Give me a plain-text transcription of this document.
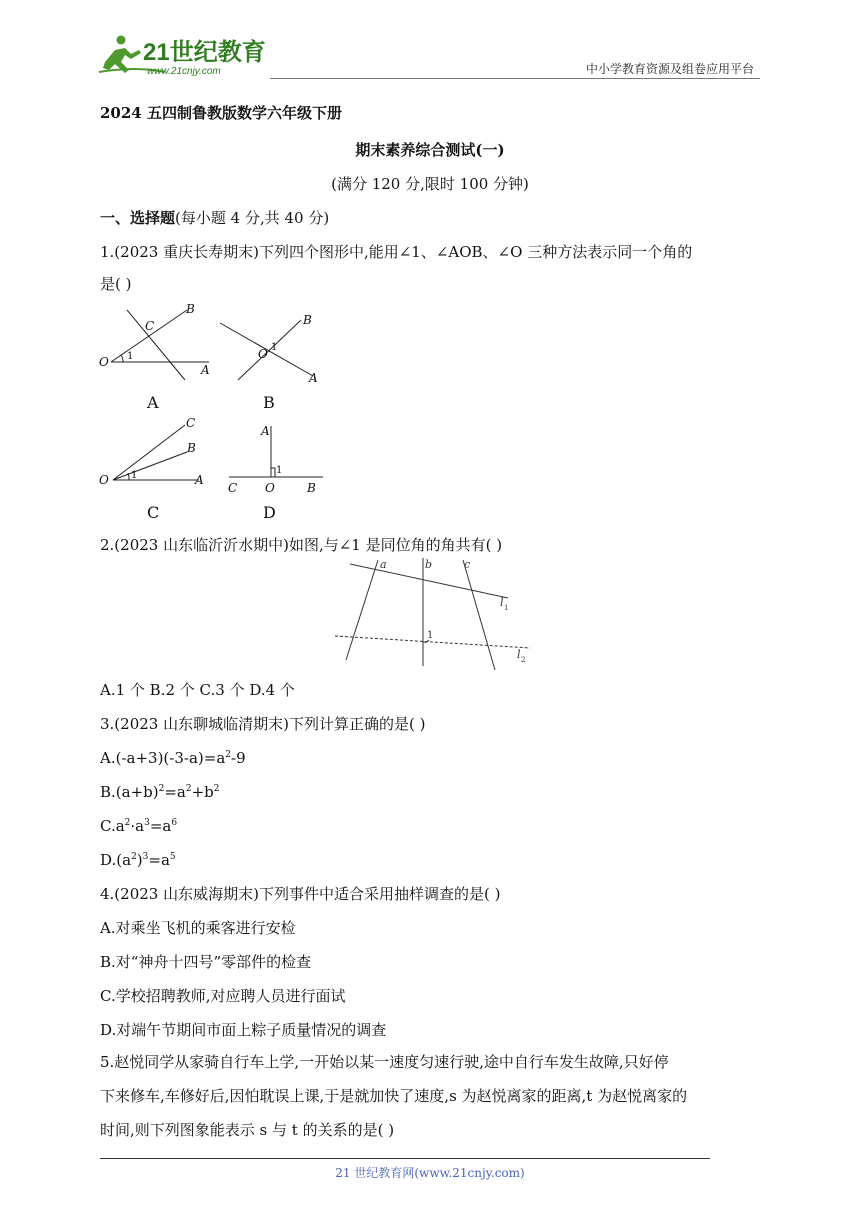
21世纪教育
www.21cnjy.com	中小学教育资源及组卷应用平台
2024 五四制鲁教版数学六年级下册
期末素养综合测试(一)
(满分 120 分,限时 100 分钟)
一、选择题(每小题 4 分,共 40 分)
1.(2023 重庆长寿期末)下列四个图形中,能用∠1、∠AOB、∠O 三种方法表示同一个角的
是( )
O 1
C
B
A
O 1
B
A
O 1
C
B
A
A
1
C O	B
A	B
C	D
2.(2023 山东临沂沂水期中)如图,与∠1 是同位角的角共有( )
a	b	c
l 1
l 2
1
A.1 个 B.2 个 C.3 个 D.4 个
3.(2023 山东聊城临清期末)下列计算正确的是( )
$A.(-a+3)(-3-a)=a^2-9$
$B.(a+b)^2=a^2+b^2$
$C.a^2\cdot a^3=a^6$
$D.(a^2)^3=a^5$
4.(2023 山东威海期末)下列事件中适合采用抽样调查的是( )
A.对乘坐飞机的乘客进行安检
B.对“神舟十四号”零部件的检查
C.学校招聘教师,对应聘人员进行面试
D.对端午节期间市面上粽子质量情况的调查
5.赵悦同学从家骑自行车上学,一开始以某一速度匀速行驶,途中自行车发生故障,只好停
下来修车,车修好后,因怕耽误上课,于是就加快了速度,s 为赵悦离家的距离,t 为赵悦离家的
时间,则下列图象能表示 s 与 t 的关系的是( )
21 世纪教育网(www.21cnjy.com)
